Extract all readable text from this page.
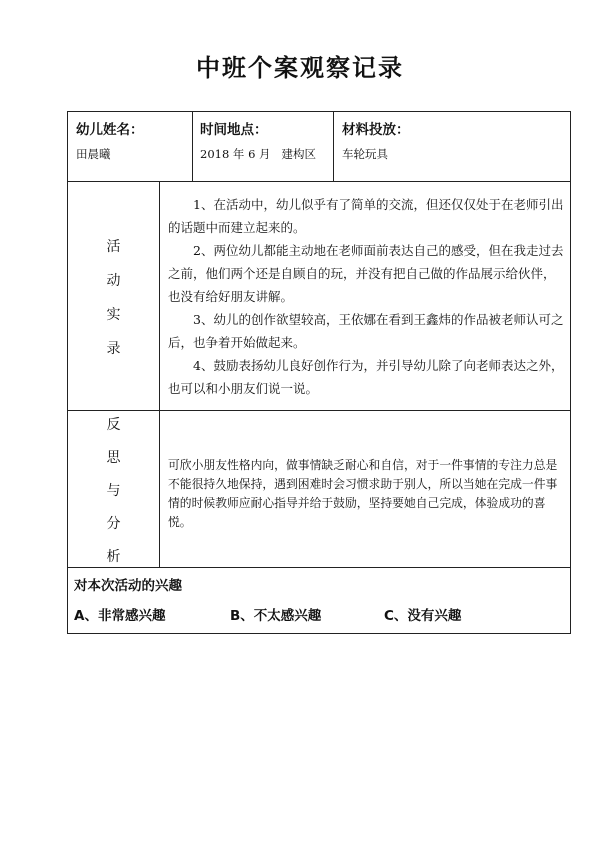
中班个案观察记录
幼儿姓名：
田晨曦
时间地点：
2018 年 6 月   建构区
材料投放：
车轮玩具
活
动
实
录

1、在活动中，幼儿似乎有了简单的交流，但还仅仅处于在老师引出的话题中而建立起来的。

2、两位幼儿都能主动地在老师面前表达自己的感受，但在我走过去之前，他们两个还是自顾自的玩，并没有把自己做的作品展示给伙伴，也没有给好朋友讲解。

3、幼儿的创作欲望较高，王依娜在看到王鑫炜的作品被老师认可之后，也争着开始做起来。

4、鼓励表扬幼儿良好创作行为，并引导幼儿除了向老师表达之外，也可以和小朋友们说一说。

反
思
与
分
析
可欣小朋友性格内向，做事情缺乏耐心和自信，对于一件事情的专注力总是不能很持久地保持，遇到困难时会习惯求助于别人，所以当她在完成一件事情的时候教师应耐心指导并给于鼓励，坚持要她自己完成，体验成功的喜悦。
对本次活动的兴趣
A、非常感兴趣	B、不太感兴趣	C、没有兴趣
